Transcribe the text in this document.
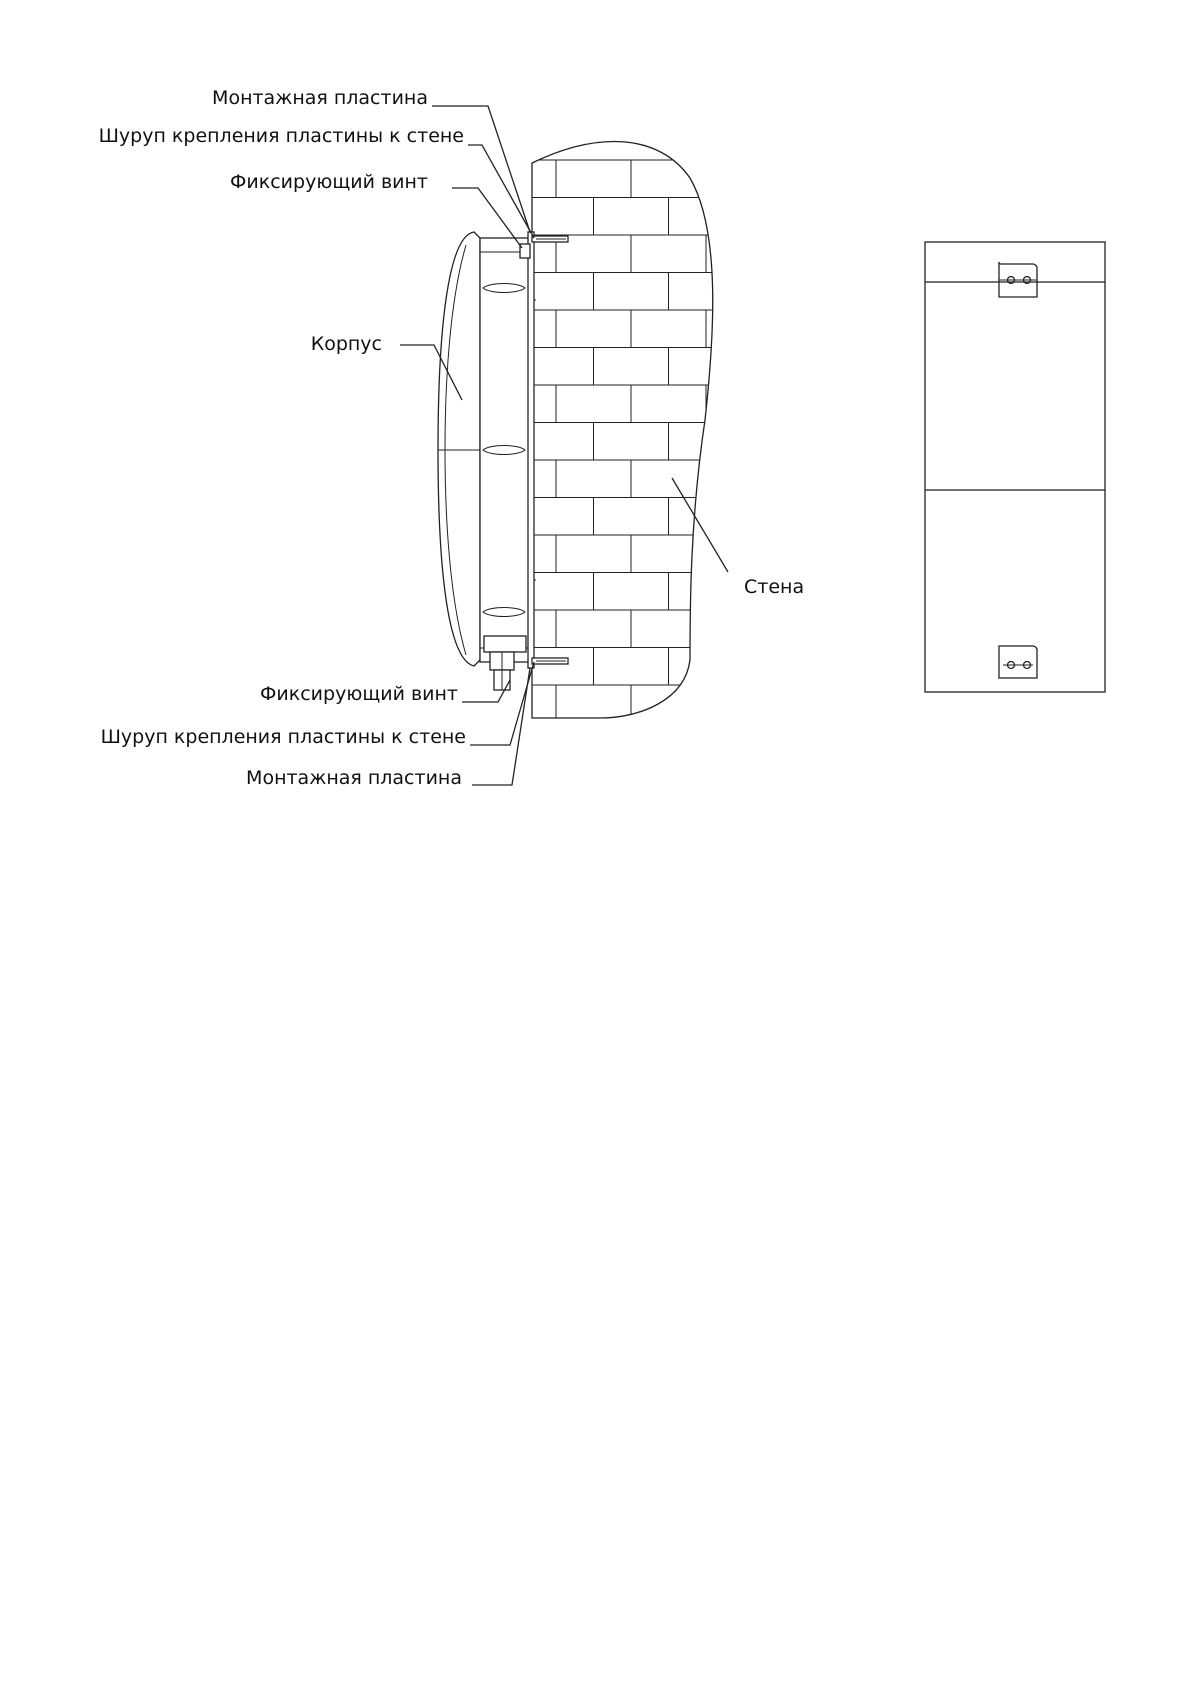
Монтажная пластина
Шуруп крепления пластины к стене
Фиксирующий винт
Корпус
Стена
Фиксирующий винт
Шуруп крепления пластины к стене
Монтажная пластина
